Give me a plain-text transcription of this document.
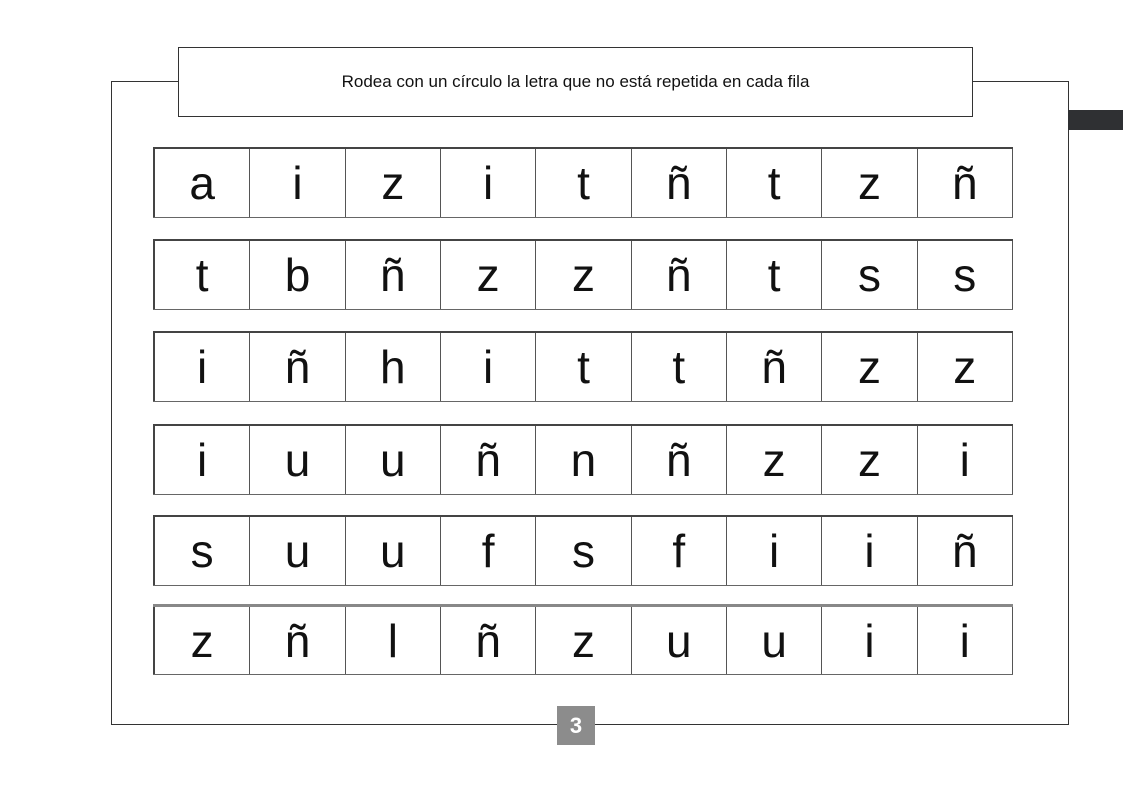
Rodea con un círculo la letra que no está repetida en cada fila
a	i	z	i	t	ñ	t	z	ñ
t	b	ñ	z	z	ñ	t	s	s
i	ñ	h	i	t	t	ñ	z	z
i	u	u	ñ	n	ñ	z	z	i
s	u	u	f	s	f	i	i	ñ
z	ñ	l	ñ	z	u	u	i	i
3
